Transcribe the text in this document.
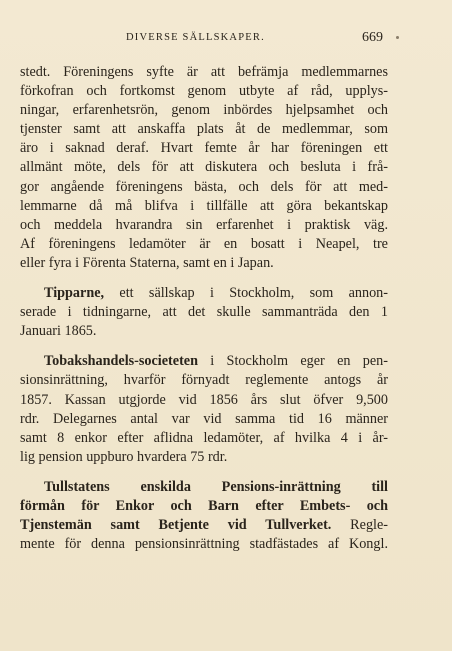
DIVERSE SÄLLSKAPER.	669
stedt. Föreningens syfte är att befrämja medlemmarnes
förkofran och fortkomst genom utbyte af råd, upplys-
ningar, erfarenhetsrön, genom inbördes hjelpsamhet och
tjenster samt att anskaffa plats åt de medlemmar, som
äro i saknad deraf. Hvart femte år har föreningen ett
allmänt möte, dels för att diskutera och besluta i frå-
gor angående föreningens bästa, och dels för att med-
lemmarne då må blifva i tillfälle att göra bekantskap
och meddela hvarandra sin erfarenhet i praktisk väg.
Af föreningens ledamöter är en bosatt i Neapel, tre
eller fyra i Förenta Staterna, samt en i Japan.
Tipparne, ett sällskap i Stockholm, som annon-
serade i tidningarne, att det skulle sammanträda den 1
Januari 1865.
Tobakshandels-societeten i Stockholm eger en pen-
sionsinrättning, hvarför förnyadt reglemente antogs år
1857. Kassan utgjorde vid 1856 års slut öfver 9,500
rdr. Delegarnes antal var vid samma tid 16 männer
samt 8 enkor efter aflidna ledamöter, af hvilka 4 i år-
lig pension uppburo hvardera 75 rdr.
Tullstatens enskilda Pensions-inrättning till
förmån för Enkor och Barn efter Embets- och
Tjenstemän samt Betjente vid Tullverket. Regle-
mente för denna pensionsinrättning stadfästades af Kongl.
